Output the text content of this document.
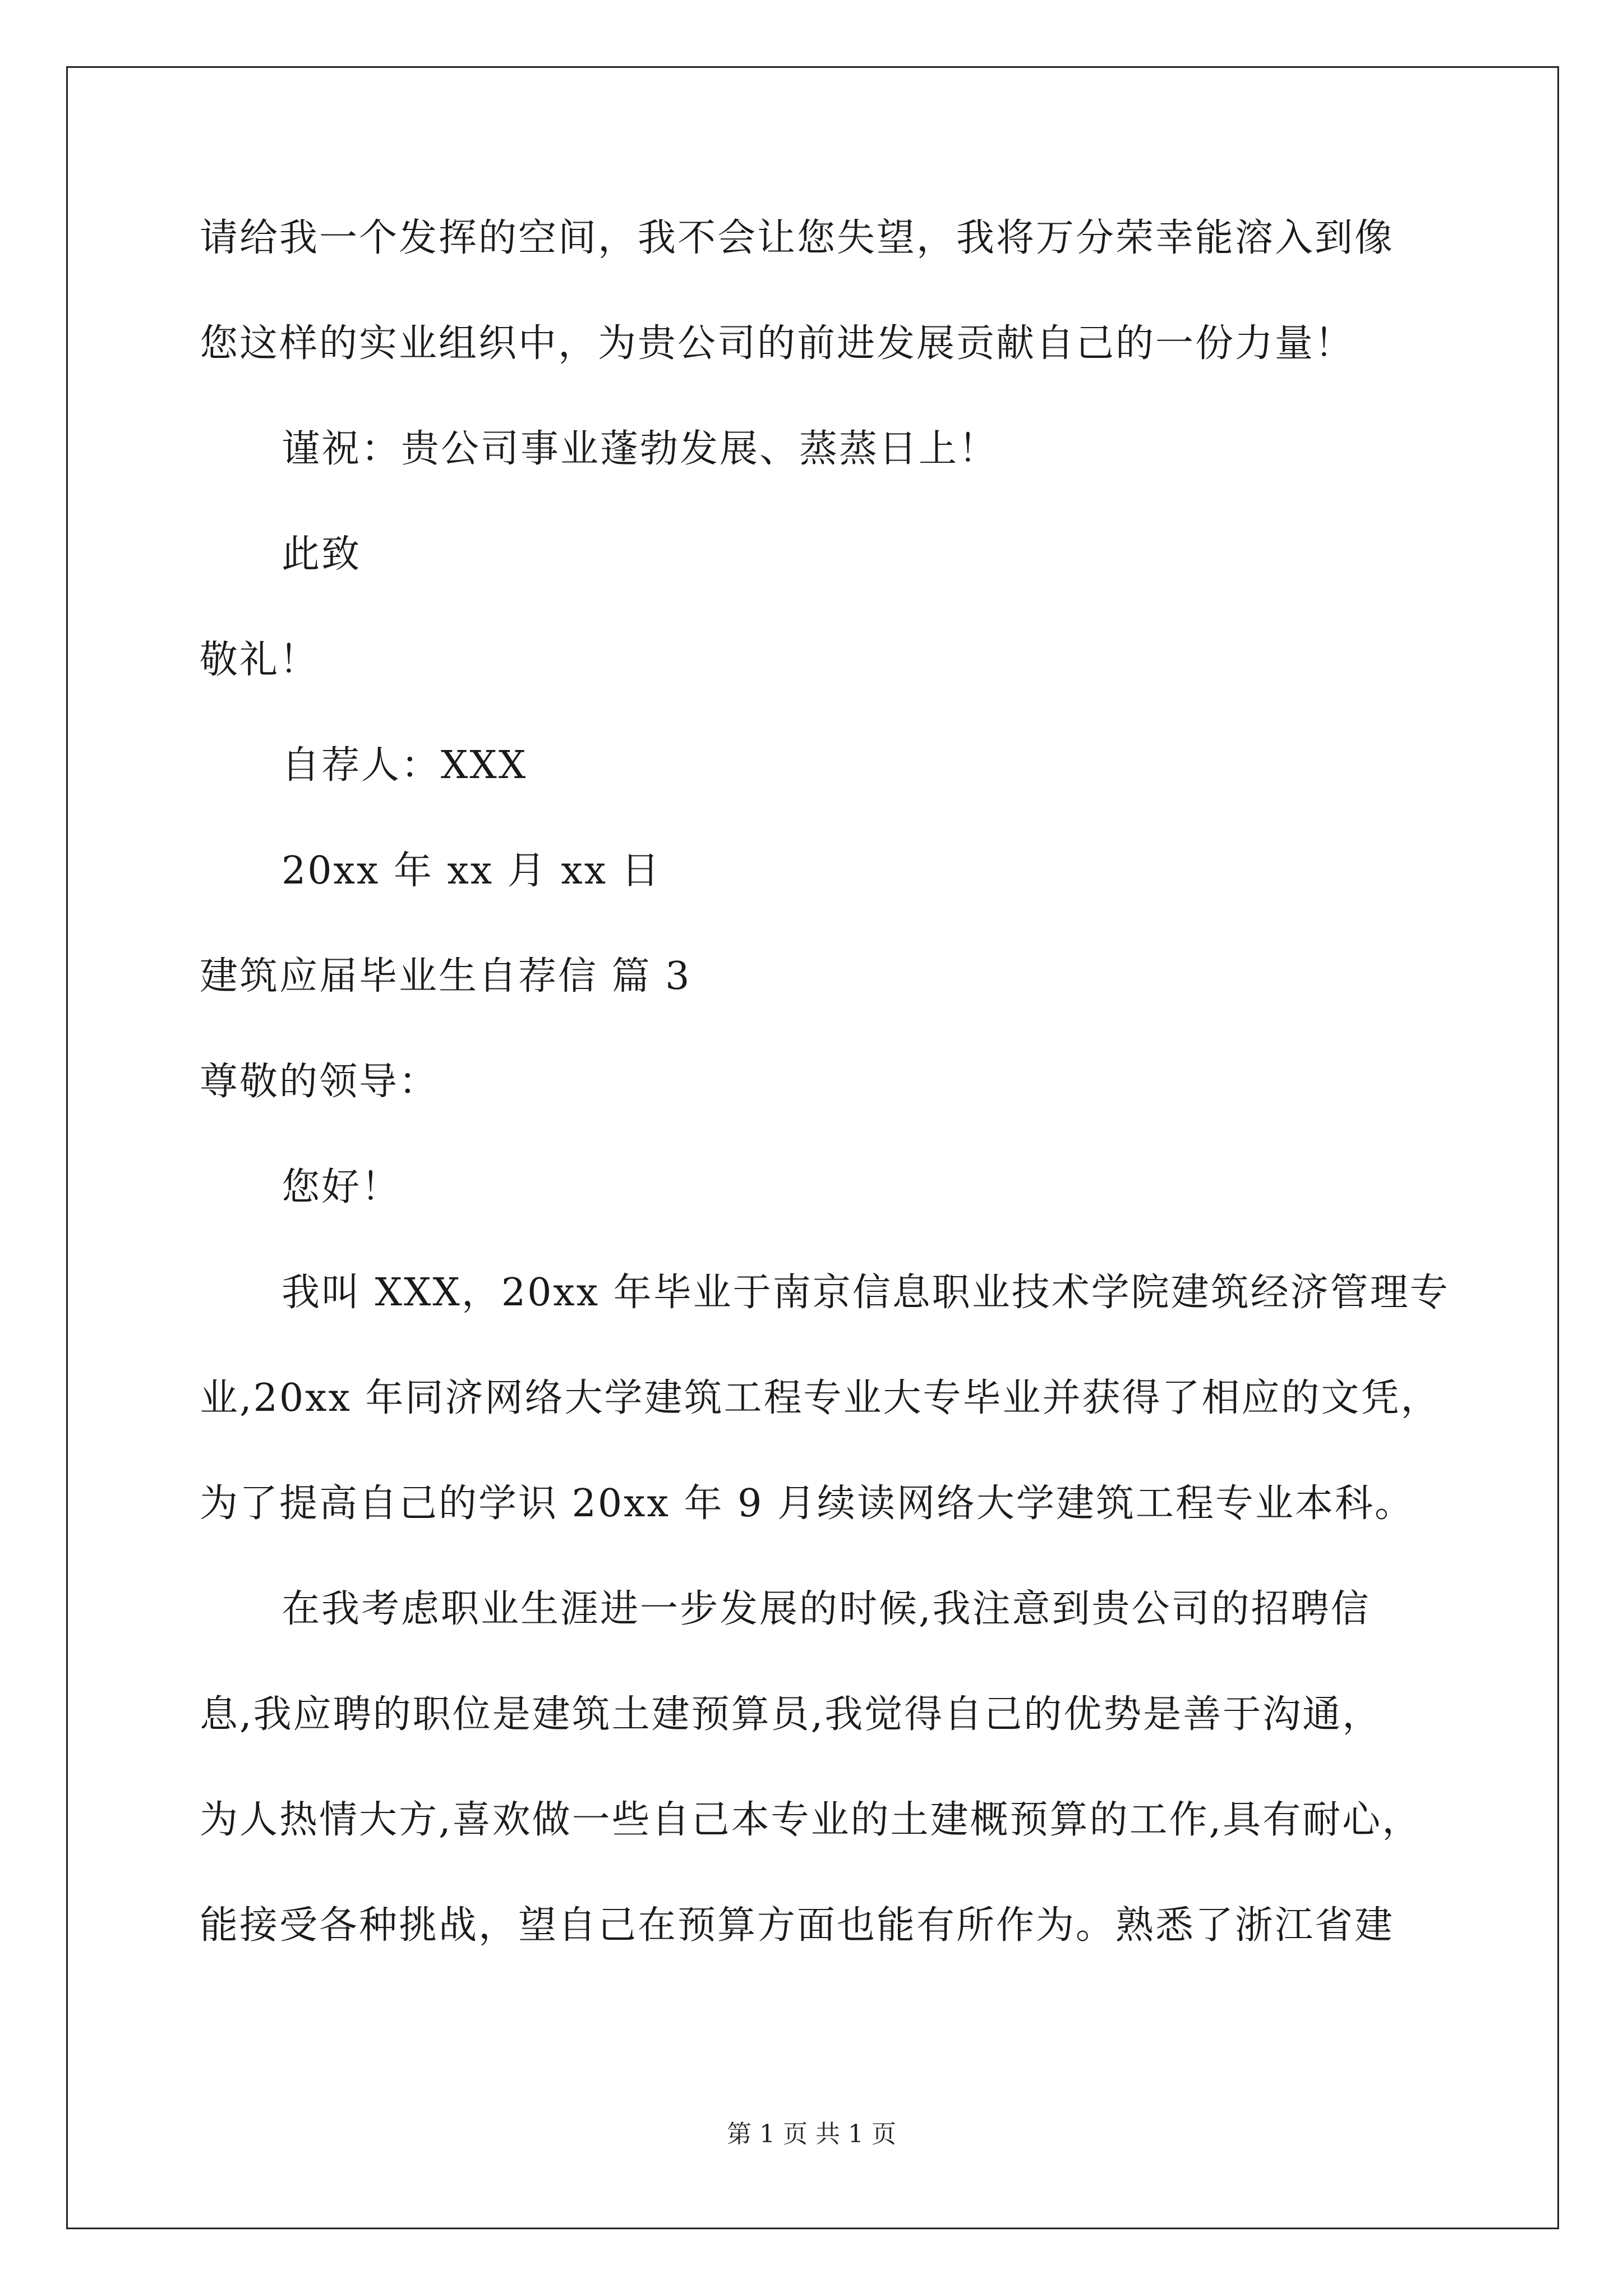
请给我一个发挥的空间，我不会让您失望，我将万分荣幸能溶入到像
您这样的实业组织中，为贵公司的前进发展贡献自己的一份力量！
谨祝：贵公司事业蓬勃发展、蒸蒸日上！
此致
敬礼！
自荐人：XXX
20xx 年 xx 月 xx 日
建筑应届毕业生自荐信 篇 3
尊敬的领导：
您好！
我叫 XXX，20xx 年毕业于南京信息职业技术学院建筑经济管理专
业,20xx 年同济网络大学建筑工程专业大专毕业并获得了相应的文凭，
为了提高自己的学识 20xx 年 9 月续读网络大学建筑工程专业本科。
在我考虑职业生涯进一步发展的时候,我注意到贵公司的招聘信
息,我应聘的职位是建筑土建预算员,我觉得自己的优势是善于沟通，
为人热情大方,喜欢做一些自己本专业的土建概预算的工作,具有耐心，
能接受各种挑战，望自己在预算方面也能有所作为。熟悉了浙江省建
第 1 页 共 1 页
